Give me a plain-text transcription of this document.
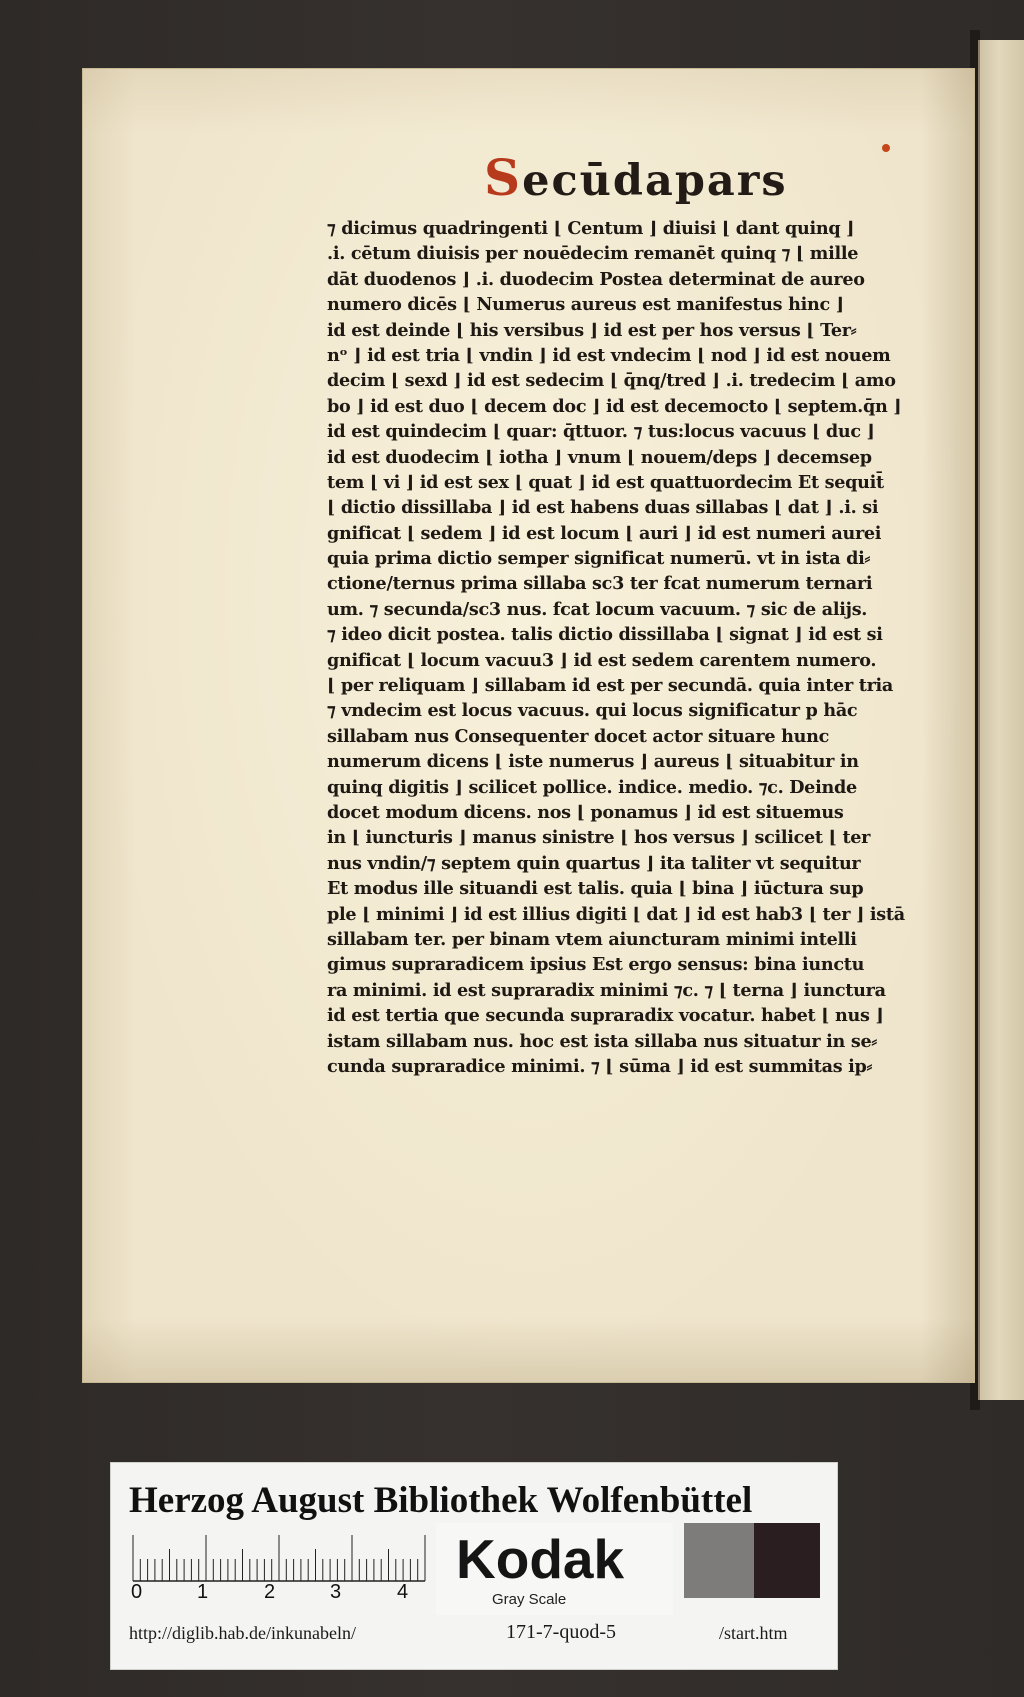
Secūdapars
⁊ dicimus quadringenti ⌊ Centum ⌋ diuisi ⌊ dant quinq ⌋
.i. cētum diuisis per nouēdecim remanēt quinq ⁊ ⌊ mille
dāt duodenos ⌋ .i. duodecim Postea determinat de aureo
numero dicēs ⌊ Numerus aureus est manifestus hinc ⌋
id est deinde ⌊ his versibus ⌋ id est per hos versus ⌊ Ter⸗
nᵒ ⌋ id est tria ⌊ vndin ⌋ id est vndecim ⌊ nod ⌋ id est nouem
decim ⌊ sexd ⌋ id est sedecim ⌊ q̄nq/tred ⌋ .i. tredecim ⌊ amo
bo ⌋ id est duo ⌊ decem doc ⌋ id est decemocto ⌊ septem.q̄n ⌋
id est quindecim ⌊ quar: q̄ttuor. ⁊ tus:locus vacuus ⌊ duc ⌋
id est duodecim ⌊ iotha ⌋ vnum ⌊ nouem/deps ⌋ decemsep
tem ⌊ vi ⌋ id est sex ⌊ quat ⌋ id est quattuordecim Et sequit̄
⌊ dictio dissillaba ⌋ id est habens duas sillabas ⌊ dat ⌋ .i. si
gnificat ⌊ sedem ⌋ id est locum ⌊ auri ⌋ id est numeri aurei
quia prima dictio semper significat numerū. vt in ista di⸗
ctione/ternus prima sillaba sc3 ter fcat numerum ternari
um. ⁊ secunda/sc3 nus. fcat locum vacuum. ⁊ sic de alijs.
⁊ ideo dicit postea. talis dictio dissillaba ⌊ signat ⌋ id est si
gnificat ⌊ locum vacuu3 ⌋ id est sedem carentem numero.
⌊ per reliquam ⌋ sillabam id est per secundā. quia inter tria
⁊ vndecim est locus vacuus. qui locus significatur p hāc
sillabam nus Consequenter docet actor situare hunc
numerum dicens ⌊ iste numerus ⌋ aureus ⌊ situabitur in
quinq digitis ⌋ scilicet pollice. indice. medio. ⁊c. Deinde
docet modum dicens. nos ⌊ ponamus ⌋ id est situemus
in ⌊ iuncturis ⌋ manus sinistre ⌊ hos versus ⌋ scilicet ⌊ ter
nus vndin/⁊ septem quin quartus ⌋ ita taliter vt sequitur
Et modus ille situandi est talis. quia ⌊ bina ⌋ iūctura sup
ple ⌊ minimi ⌋ id est illius digiti ⌊ dat ⌋ id est hab3 ⌊ ter ⌋ istā
sillabam ter. per binam vtem aiuncturam minimi intelli
gimus supraradicem ipsius Est ergo sensus: bina iunctu
ra minimi. id est supraradix minimi ⁊c. ⁊ ⌊ terna ⌋ iunctura
id est tertia que secunda supraradix vocatur. habet ⌊ nus ⌋
istam sillabam nus. hoc est ista sillaba nus situatur in se⸗
cunda supraradice minimi. ⁊ ⌊ sūma ⌋ id est summitas ip⸗
Herzog August Bibliothek Wolfenbüttel
0	1	2	3	4
Kodak
Gray Scale
http://diglib.hab.de/inkunabeln/	171-7-quod-5	/start.htm
